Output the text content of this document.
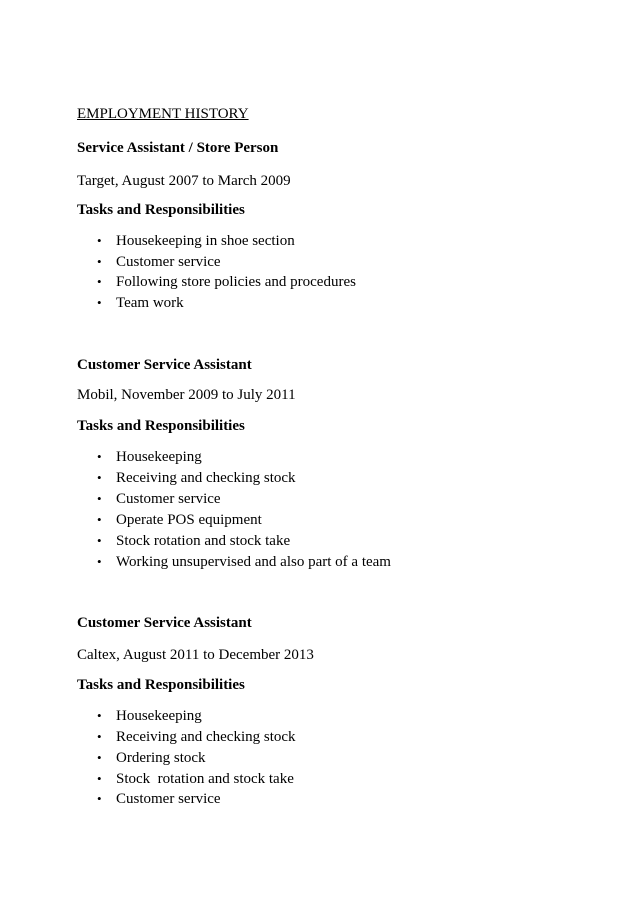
EMPLOYMENT HISTORY
Service Assistant / Store Person
Target, August 2007 to March 2009
Tasks and Responsibilities
• Housekeeping in shoe section
• Customer service
• Following store policies and procedures
• Team work
Customer Service Assistant
Mobil, November 2009 to July 2011
Tasks and Responsibilities
• Housekeeping
• Receiving and checking stock
• Customer service
• Operate POS equipment
• Stock rotation and stock take
• Working unsupervised and also part of a team
Customer Service Assistant
Caltex, August 2011 to December 2013
Tasks and Responsibilities
• Housekeeping
• Receiving and checking stock
• Ordering stock
• Stock  rotation and stock take
• Customer service
